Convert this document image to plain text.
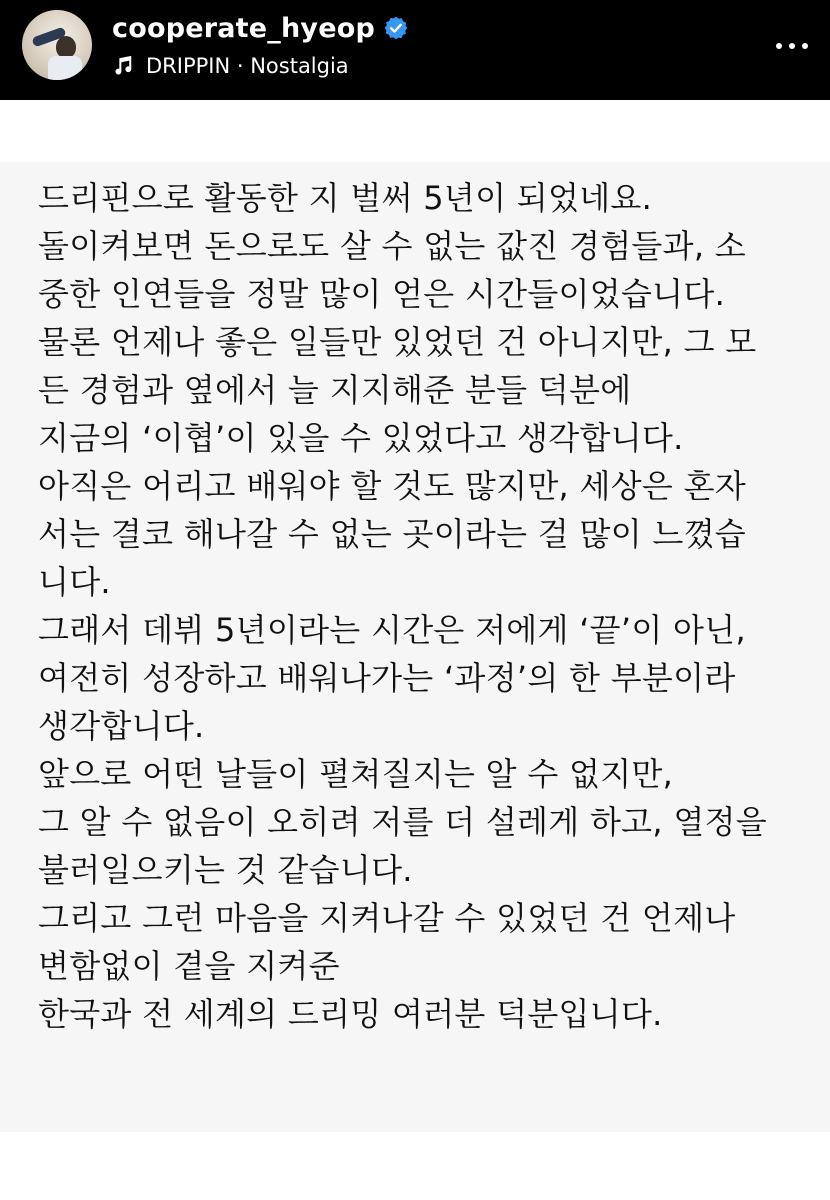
cooperate_hyeop
DRIPPIN · Nostalgia
드리핀으로 활동한 지 벌써 5년이 되었네요.
돌이켜보면 돈으로도 살 수 없는 값진 경험들과, 소
중한 인연들을 정말 많이 얻은 시간들이었습니다.
물론 언제나 좋은 일들만 있었던 건 아니지만, 그 모
든 경험과 옆에서 늘 지지해준 분들 덕분에
지금의 ‘이협’이 있을 수 있었다고 생각합니다.
아직은 어리고 배워야 할 것도 많지만, 세상은 혼자
서는 결코 해나갈 수 없는 곳이라는 걸 많이 느꼈습
니다.
그래서 데뷔 5년이라는 시간은 저에게 ‘끝’이 아닌,
여전히 성장하고 배워나가는 ‘과정’의 한 부분이라
생각합니다.
앞으로 어떤 날들이 펼쳐질지는 알 수 없지만,
그 알 수 없음이 오히려 저를 더 설레게 하고, 열정을
불러일으키는 것 같습니다.
그리고 그런 마음을 지켜나갈 수 있었던 건 언제나
변함없이 곁을 지켜준
한국과 전 세계의 드리밍 여러분 덕분입니다.
